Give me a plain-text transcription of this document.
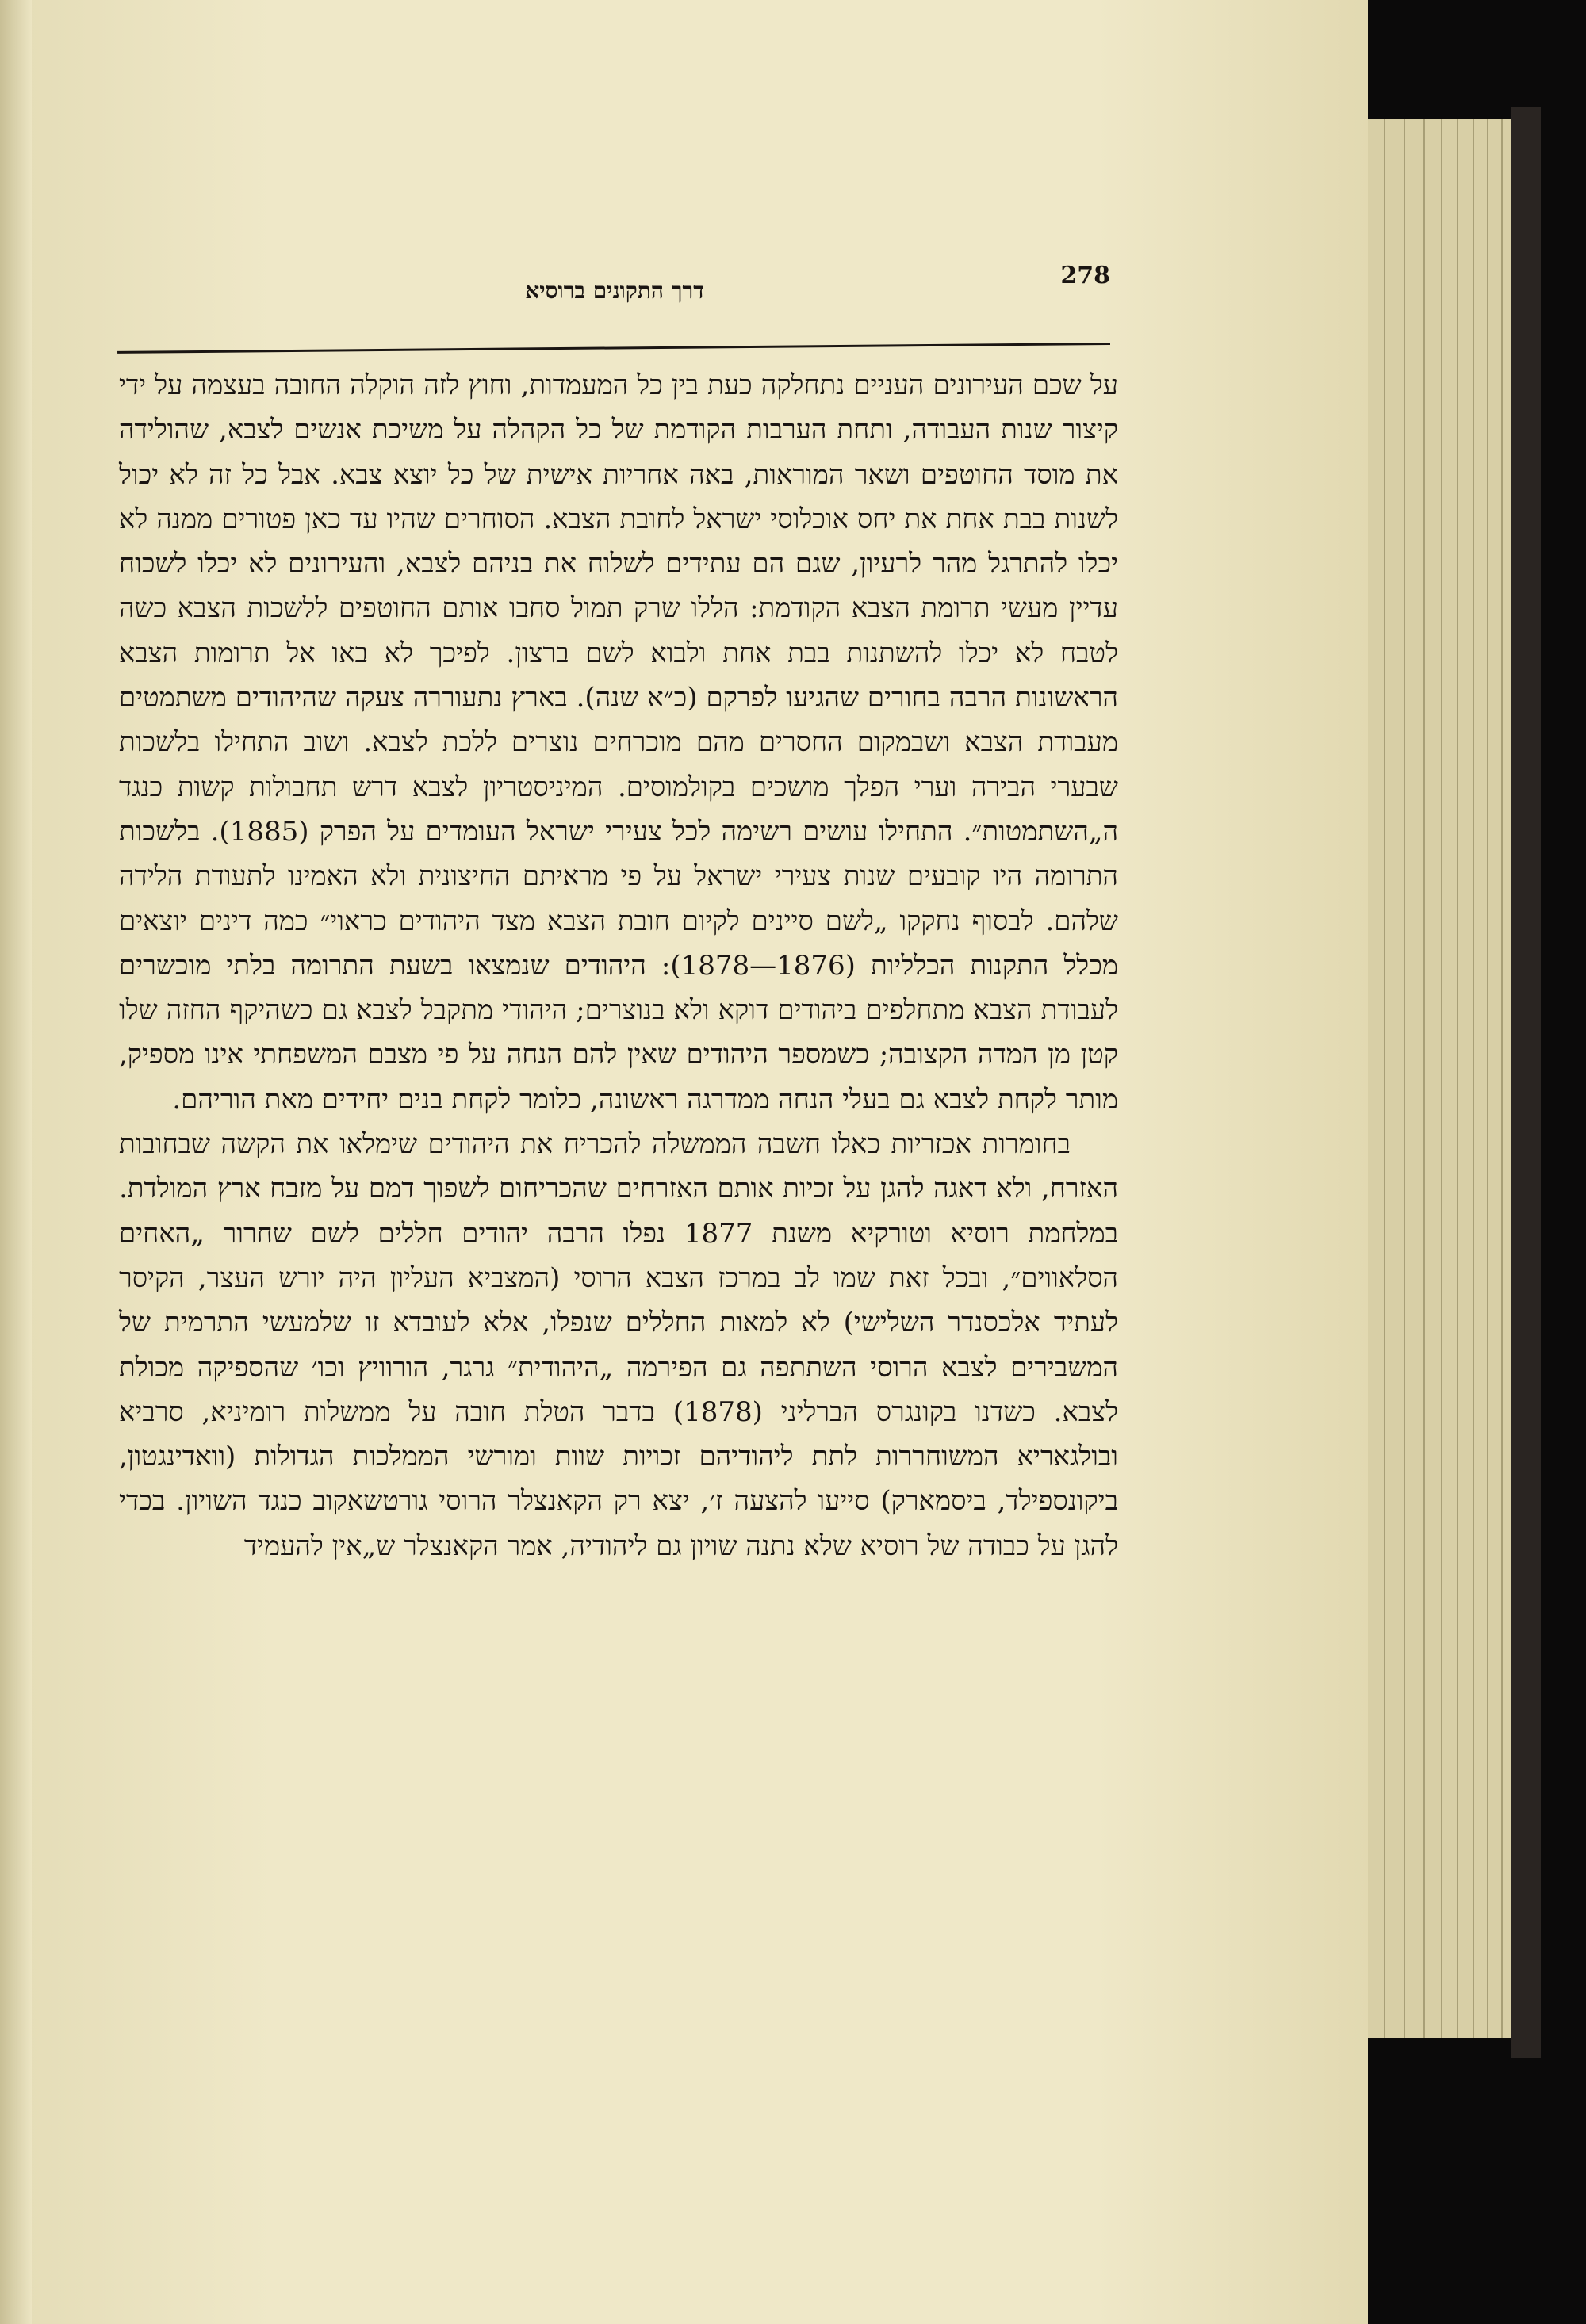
278
דרך התקונים ברוסיא

על שכם העירונים העניים נתחלקה כעת בין כל המעמדות, וחוץ לזה הוקלה החובה בעצמה על ידי קיצור שנות העבודה, ותחת הערבות הקודמת של כל הקהלה על משיכת אנשים לצבא, שהולידה את מוסד החוטפים ושאר המוראות, באה אחריות אישית של כל יוצא צבא. אבל כל זה לא יכול לשנות בבת אחת את יחס אוכלוסי ישראל לחובת הצבא. הסוחרים שהיו עד כאן פטורים ממנה לא יכלו להתרגל מהר לרעיון, שגם הם עתידים לשלוח את בניהם לצבא, והעירונים לא יכלו לשכוח עדיין מעשי תרומת הצבא הקודמת: הללו שרק תמול סחבו אותם החוטפים ללשכות הצבא כשה לטבח לא יכלו להשתנות בבת אחת ולבוא לשם ברצון. לפיכך לא באו אל תרומות הצבא הראשונות הרבה בחורים שהגיעו לפרקם (כ״א שנה). בארץ נתעוררה צעקה שהיהודים משתמטים מעבודת הצבא ושבמקום החסרים מהם מוכרחים נוצרים ללכת לצבא. ושוב התחילו בלשכות שבערי הבירה וערי הפלך מושכים בקולמוסים. המיניסטריון לצבא דרש תחבולות קשות כנגד ה„השתמטות״. התחילו עושים רשימה לכל צעירי ישראל העומדים על הפרק (1885). בלשכות התרומה היו קובעים שנות צעירי ישראל על פי מראיתם החיצונית ולא האמינו לתעודת הלידה שלהם. לבסוף נחקקו „לשם סיינים לקיום חובת הצבא מצד היהודים כראוי״ כמה דינים יוצאים מכלל התקנות הכלליות (1876—1878): היהודים שנמצאו בשעת התרומה בלתי מוכשרים לעבודת הצבא מתחלפים ביהודים דוקא ולא בנוצרים; היהודי מתקבל לצבא גם כשהיקף החזה שלו קטן מן המדה הקצובה; כשמספר היהודים שאין להם הנחה על פי מצבם המשפחתי אינו מספיק, מותר לקחת לצבא גם בעלי הנחה ממדרגה ראשונה, כלומר לקחת בנים יחידים מאת הוריהם.

בחומרות אכזריות כאלו חשבה הממשלה להכריח את היהודים שימלאו את הקשה שבחובות האזרח, ולא דאגה להגן על זכיות אותם האזרחים שהכריחום לשפוך דמם על מזבח ארץ המולדת. במלחמת רוסיא וטורקיא משנת 1877 נפלו הרבה יהודים חללים לשם שחרור „האחים הסלאווים״, ובכל זאת שמו לב במרכז הצבא הרוסי (המצביא העליון היה יורש העצר, הקיסר לעתיד אלכסנדר השלישי) לא למאות החללים שנפלו, אלא לעובדא זו שלמעשי התרמית של המשבירים לצבא הרוסי השתתפה גם הפירמה „היהודית״ גרגר, הורוויץ וכו׳ שהספיקה מכולת לצבא. כשדנו בקונגרס הברליני (1878) בדבר הטלת חובה על ממשלות רומיניא, סרביא ובולגאריא המשוחררות לתת ליהודיהם זכויות שוות ומורשי הממלכות הגדולות (וואדינגטון, ביקונספילד, ביסמארק) סייעו להצעה ז׳, יצא רק הקאנצלר הרוסי גורטשאקוב כנגד השויון. בכדי להגן על כבודה של רוסיא שלא נתנה שויון גם ליהודיה, אמר הקאנצלר ש„אין להעמיד
